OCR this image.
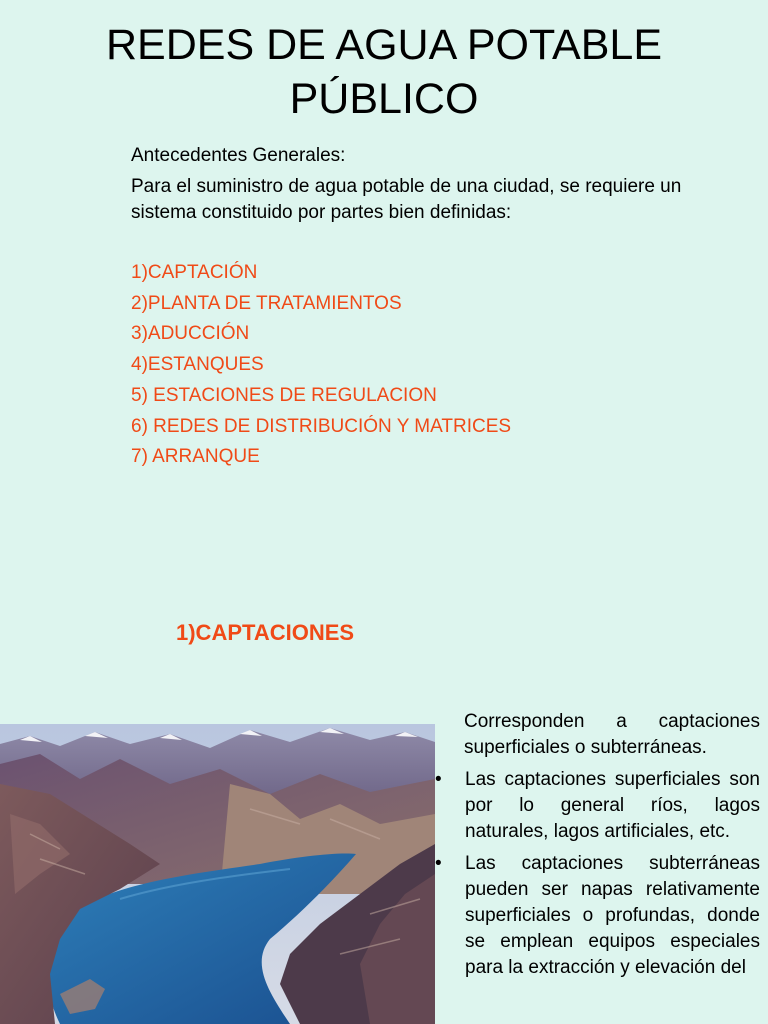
REDES DE AGUA POTABLE
PÚBLICO
Antecedentes Generales:
Para el suministro de agua potable de una ciudad, se requiere un sistema constituido por partes bien definidas:
1)CAPTACIÓN
2)PLANTA DE TRATAMIENTOS
3)ADUCCIÓN
4)ESTANQUES
5) ESTACIONES DE REGULACION
6) REDES DE DISTRIBUCIÓN Y MATRICES
7) ARRANQUE
1)CAPTACIONES
Corresponden a captaciones superficiales o subterráneas.
• Las captaciones superficiales son por lo general ríos, lagos naturales, lagos artificiales, etc.
• Las captaciones subterráneas pueden ser napas relativamente superficiales o profundas, donde se emplean equipos especiales para la extracción y elevación del
